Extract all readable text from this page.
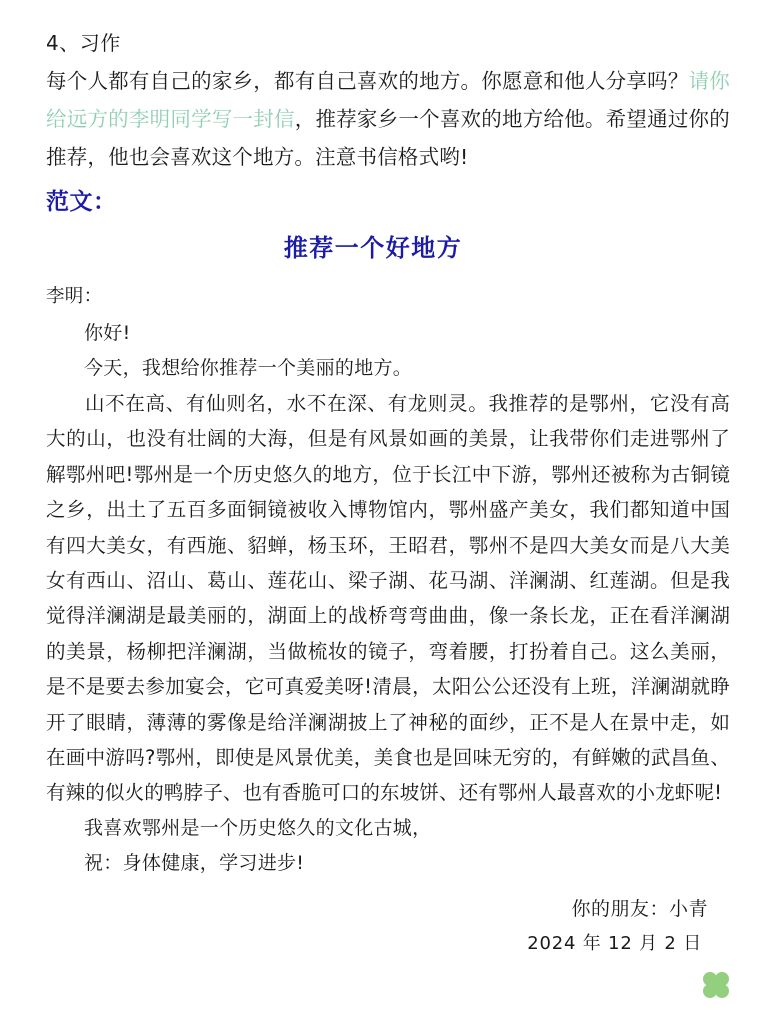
4、习作

每个人都有自己的家乡，都有自己喜欢的地方。你愿意和他人分享吗？请你给远方的李明同学写一封信，推荐家乡一个喜欢的地方给他。希望通过你的推荐，他也会喜欢这个地方。注意书信格式哟!

范文：

推荐一个好地方

李明：

你好!

今天，我想给你推荐一个美丽的地方。

山不在高、有仙则名，水不在深、有龙则灵。我推荐的是鄂州，它没有高大的山，也没有壮阔的大海，但是有风景如画的美景，让我带你们走进鄂州了解鄂州吧!鄂州是一个历史悠久的地方，位于长江中下游，鄂州还被称为古铜镜之乡，出土了五百多面铜镜被收入博物馆内，鄂州盛产美女，我们都知道中国有四大美女，有西施、貂蝉，杨玉环，王昭君，鄂州不是四大美女而是八大美女有西山、沼山、葛山、莲花山、梁子湖、花马湖、洋澜湖、红莲湖。但是我觉得洋澜湖是最美丽的，湖面上的战桥弯弯曲曲，像一条长龙，正在看洋澜湖的美景，杨柳把洋澜湖，当做梳妆的镜子，弯着腰，打扮着自己。这么美丽，是不是要去参加宴会，它可真爱美呀!清晨，太阳公公还没有上班，洋澜湖就睁开了眼睛，薄薄的雾像是给洋澜湖披上了神秘的面纱，正不是人在景中走，如在画中游吗?鄂州，即使是风景优美，美食也是回味无穷的，有鲜嫩的武昌鱼、有辣的似火的鸭脖子、也有香脆可口的东坡饼、还有鄂州人最喜欢的小龙虾呢!

我喜欢鄂州是一个历史悠久的文化古城，

祝：身体健康，学习进步!

你的朋友：小青

2024 年 12 月 2 日
